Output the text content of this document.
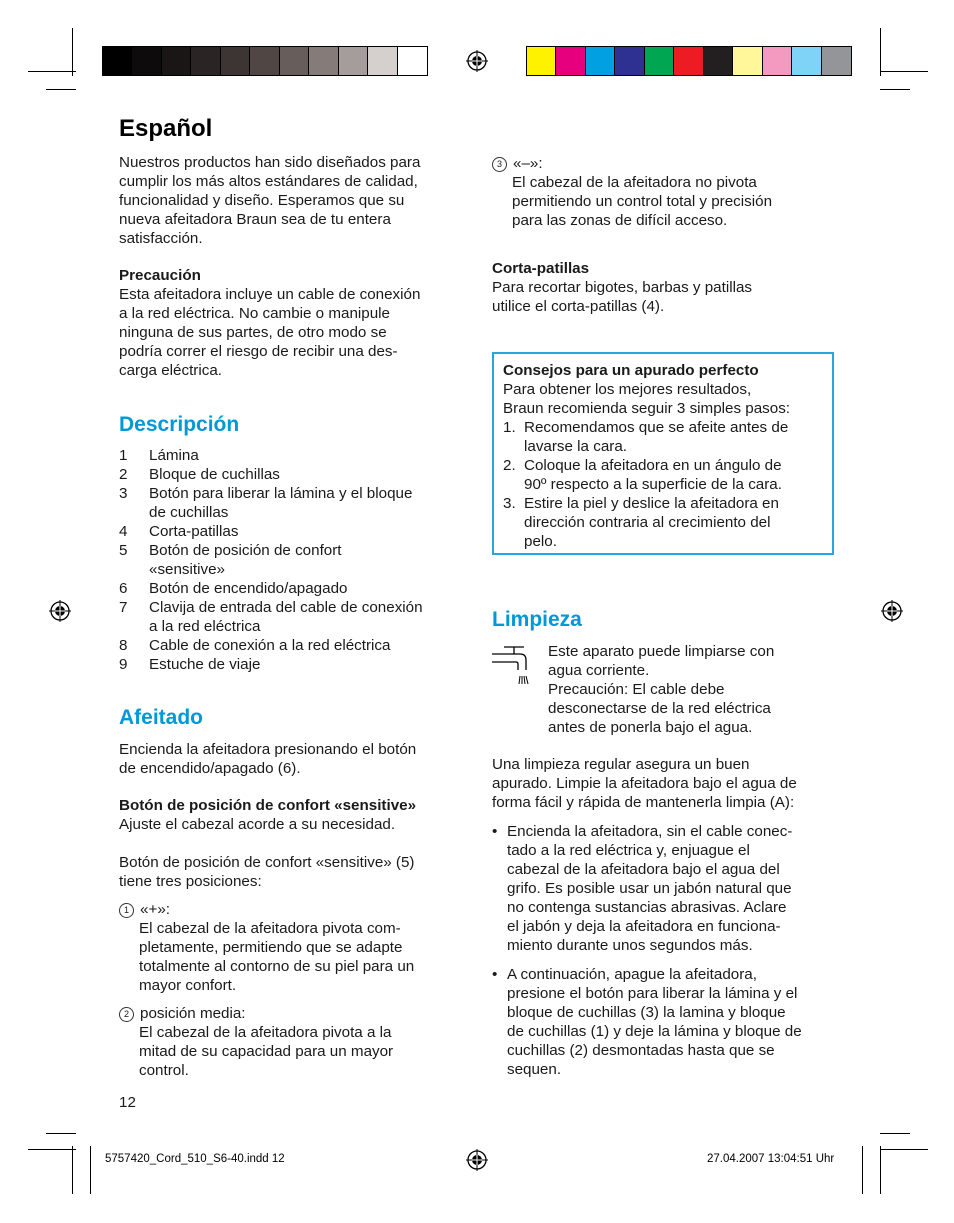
Español
Nuestros productos han sido diseñados para
cumplir los más altos estándares de calidad,
funcionalidad y diseño. Esperamos que su
nueva afeitadora Braun sea de tu entera
satisfacción.
Precaución
Esta afeitadora incluye un cable de conexión
a la red eléctrica. No cambie o manipule
ninguna de sus partes, de otro modo se
podría correr el riesgo de recibir una des-
carga eléctrica.
Descripción
1	Lámina
2	Bloque de cuchillas
3	Botón para liberar la lámina y el bloque
de cuchillas
4	Corta-patillas
5	Botón de posición de confort
«sensitive»
6	Botón de encendido/apagado
7	Clavija de entrada del cable de conexión
a la red eléctrica
8	Cable de conexión a la red eléctrica
9	Estuche de viaje
Afeitado
Encienda la afeitadora presionando el botón
de encendido/apagado (6).
Botón de posición de confort «sensitive»
Ajuste el cabezal acorde a su necesidad.
Botón de posición de confort «sensitive» (5)
tiene tres posiciones:
1 «+»:
El cabezal de la afeitadora pivota com-
pletamente, permitiendo que se adapte
totalmente al contorno de su piel para un
mayor confort.
2 posición media:
El cabezal de la afeitadora pivota a la
mitad de su capacidad para un mayor
control.
12
3 «–»:
El cabezal de la afeitadora no pivota
permitiendo un control total y precisión
para las zonas de difícil acceso.
Corta-patillas
Para recortar bigotes, barbas y patillas
utilice el corta-patillas (4).
Consejos para un apurado perfecto
Para obtener los mejores resultados,
Braun recomienda seguir 3 simples pasos:
1. Recomendamos que se afeite antes de
lavarse la cara.
2. Coloque la afeitadora en un ángulo de
90º respecto a la superficie de la cara.
3. Estire la piel y deslice la afeitadora en
dirección contraria al crecimiento del
pelo.
Limpieza
Este aparato puede limpiarse con
agua corriente.
Precaución: El cable debe
desconectarse de la red eléctrica
antes de ponerla bajo el agua.
Una limpieza regular asegura un buen
apurado. Limpie la afeitadora bajo el agua de
forma fácil y rápida de mantenerla limpia (A):
• Encienda la afeitadora, sin el cable conec-
tado a la red eléctrica y, enjuague el
cabezal de la afeitadora bajo el agua del
grifo. Es posible usar un jabón natural que
no contenga sustancias abrasivas. Aclare
el jabón y deja la afeitadora en funciona-
miento durante unos segundos más.
• A continuación, apague la afeitadora,
presione el botón para liberar la lámina y el
bloque de cuchillas (3) la lamina y bloque
de cuchillas (1) y deje la lámina y bloque de
cuchillas (2) desmontadas hasta que se
sequen.
5757420_Cord_510_S6-40.indd 12	27.04.2007 13:04:51 Uhr
